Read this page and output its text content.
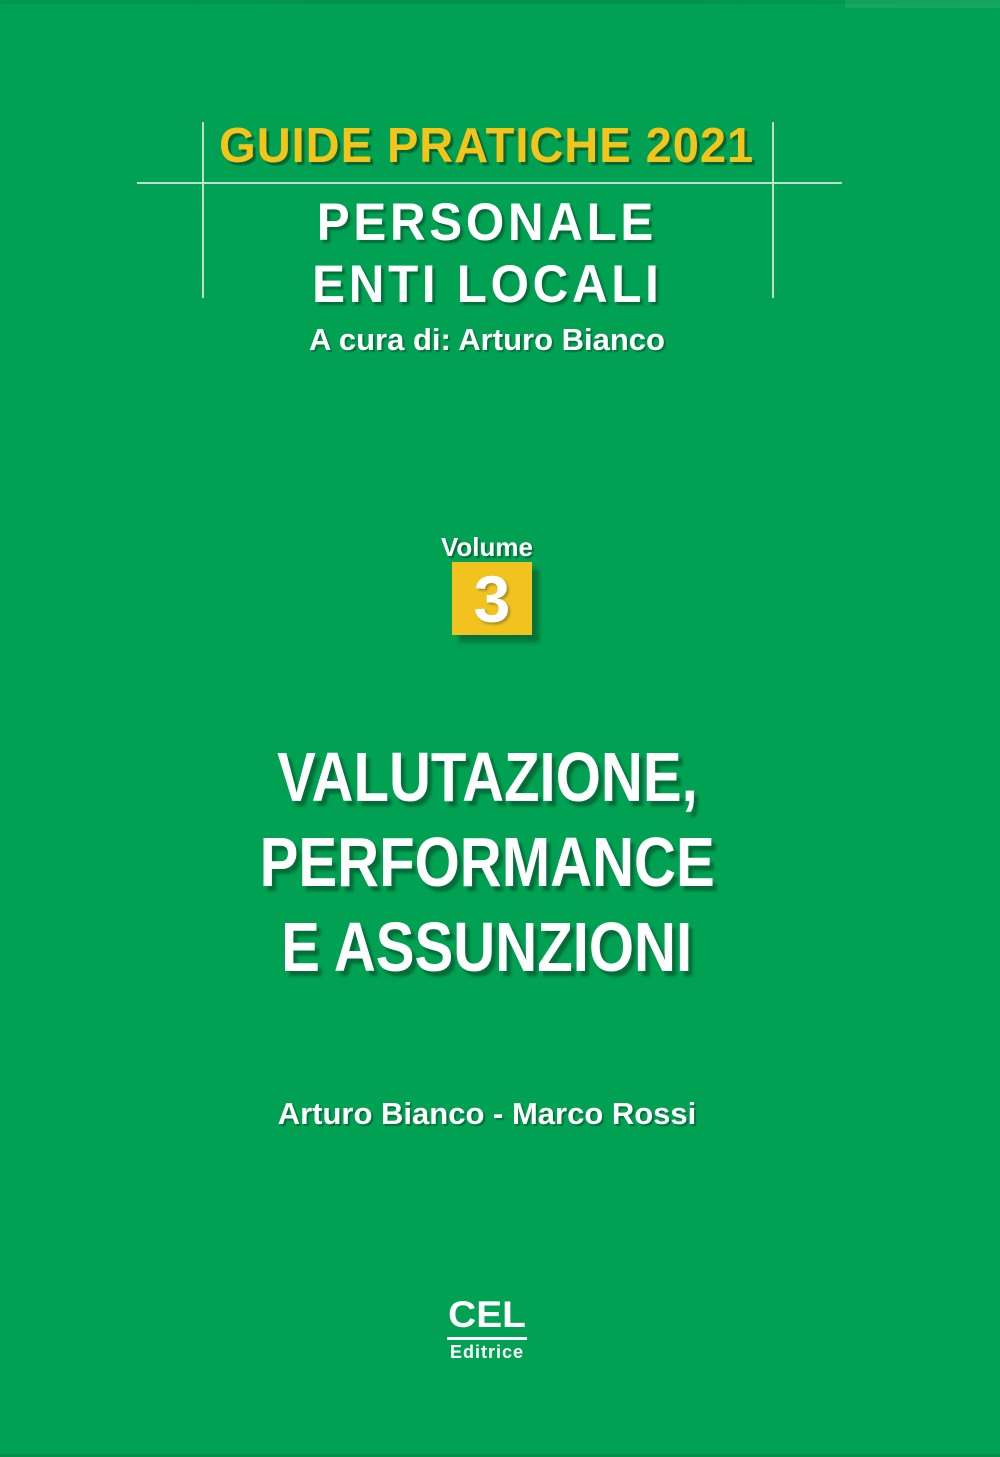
GUIDE PRATICHE 2021
PERSONALE
ENTI LOCALI
A cura di: Arturo Bianco
Volume
3
VALUTAZIONE,
PERFORMANCE
E ASSUNZIONI
Arturo Bianco - Marco Rossi
CEL
Editrice
